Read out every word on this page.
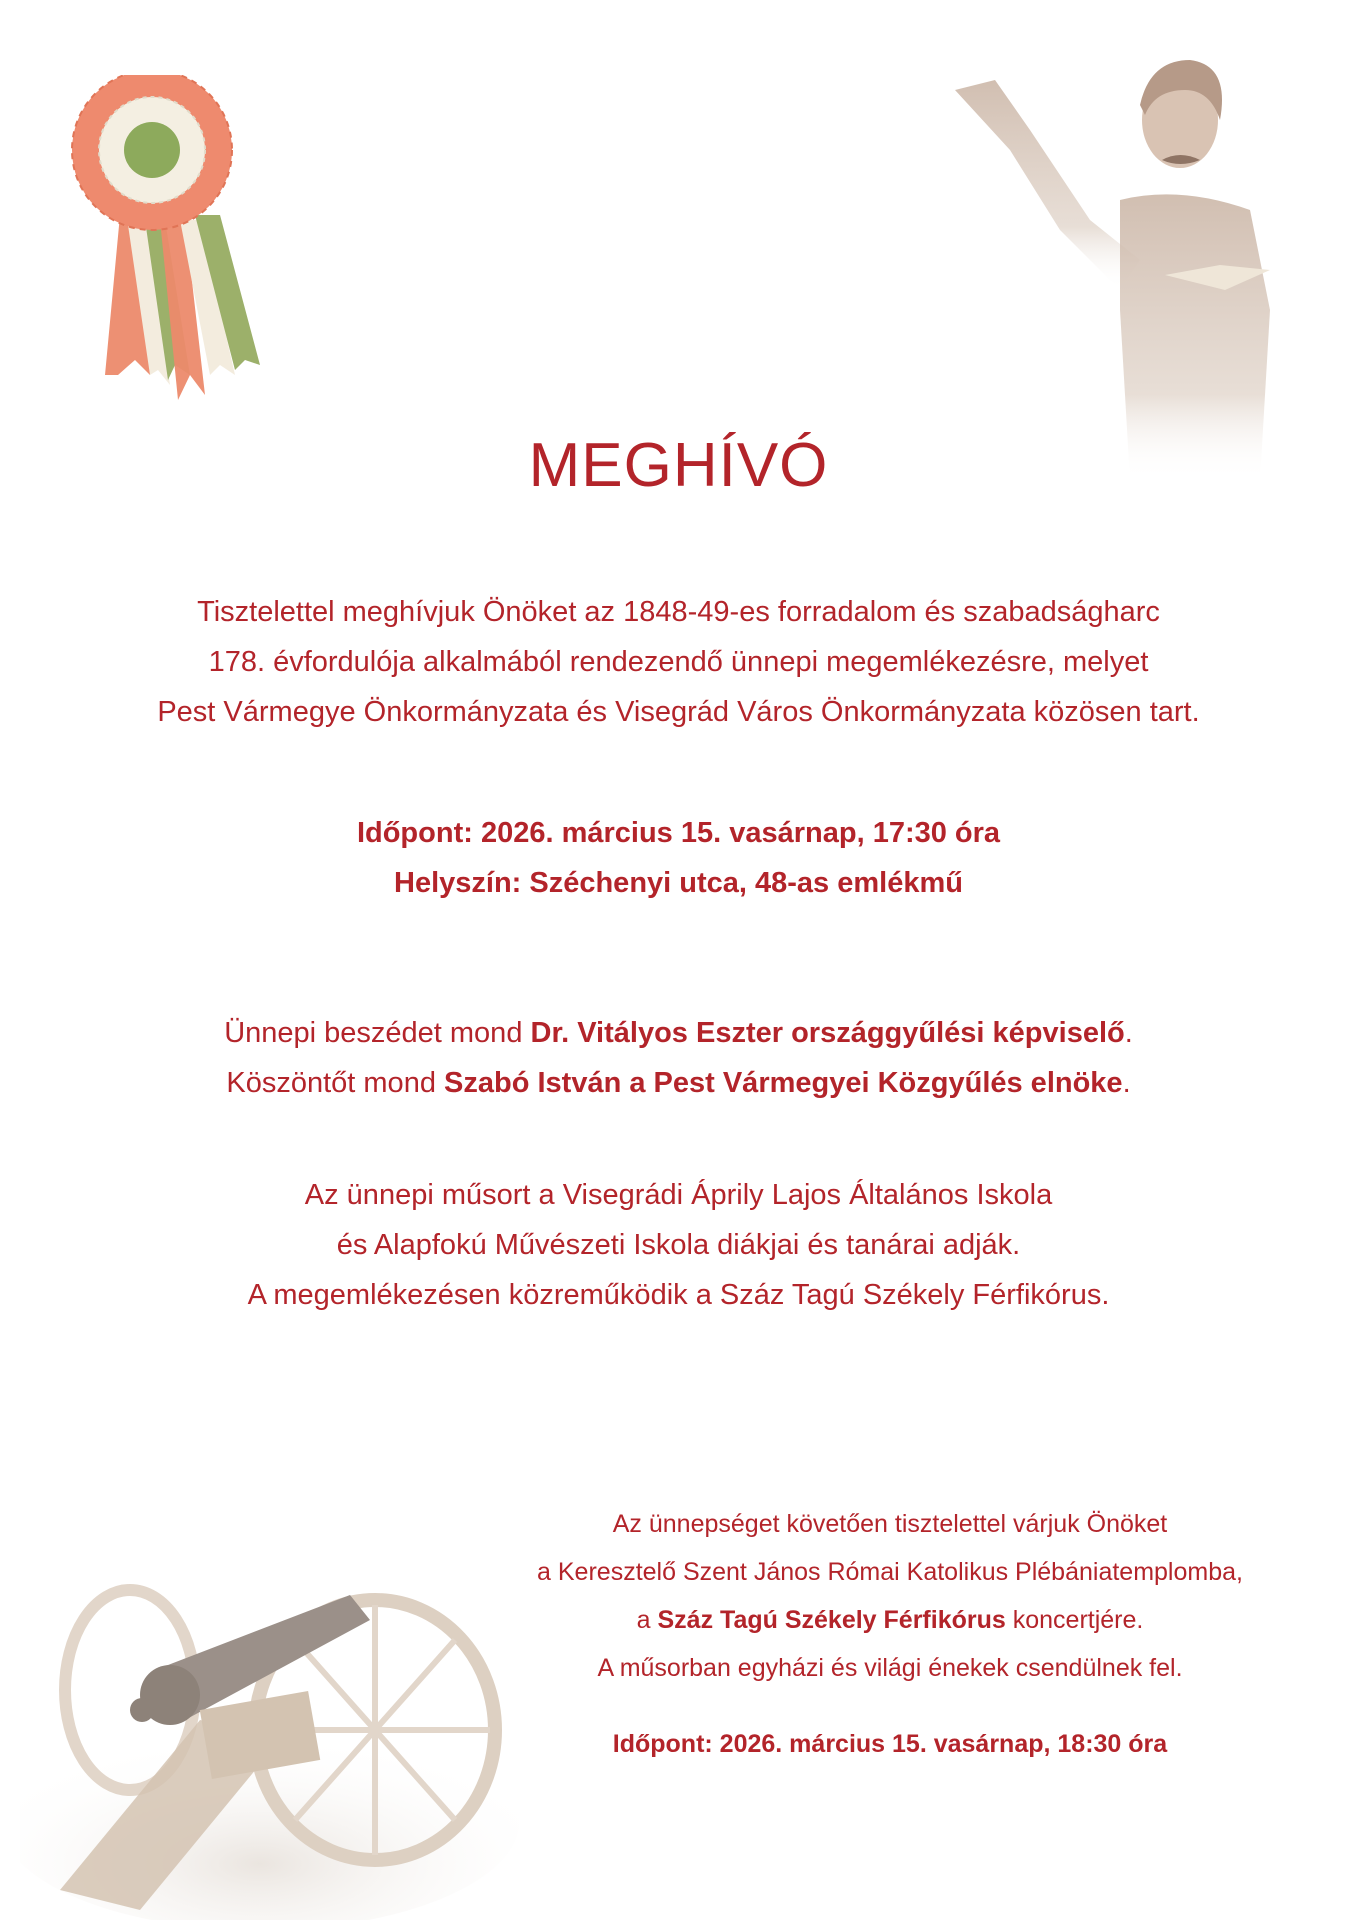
MEGHÍVÓ
Tisztelettel meghívjuk Önöket az 1848-49-es forradalom és szabadságharc
178. évfordulója alkalmából rendezendő ünnepi megemlékezésre, melyet
Pest Vármegye Önkormányzata és Visegrád Város Önkormányzata közösen tart.
Időpont: 2026. március 15. vasárnap, 17:30 óra
Helyszín: Széchenyi utca, 48-as emlékmű
Ünnepi beszédet mond Dr. Vitályos Eszter országgyűlési képviselő.
Köszöntőt mond Szabó István a Pest Vármegyei Közgyűlés elnöke.
Az ünnepi műsort a Visegrádi Áprily Lajos Általános Iskola
és Alapfokú Művészeti Iskola diákjai és tanárai adják.
A megemlékezésen közreműködik a Száz Tagú Székely Férfikórus.
Az ünnepséget követően tisztelettel várjuk Önöket
a Keresztelő Szent János Római Katolikus Plébániatemplomba,
a Száz Tagú Székely Férfikórus koncertjére.
A műsorban egyházi és világi énekek csendülnek fel.
Időpont: 2026. március 15. vasárnap, 18:30 óra
